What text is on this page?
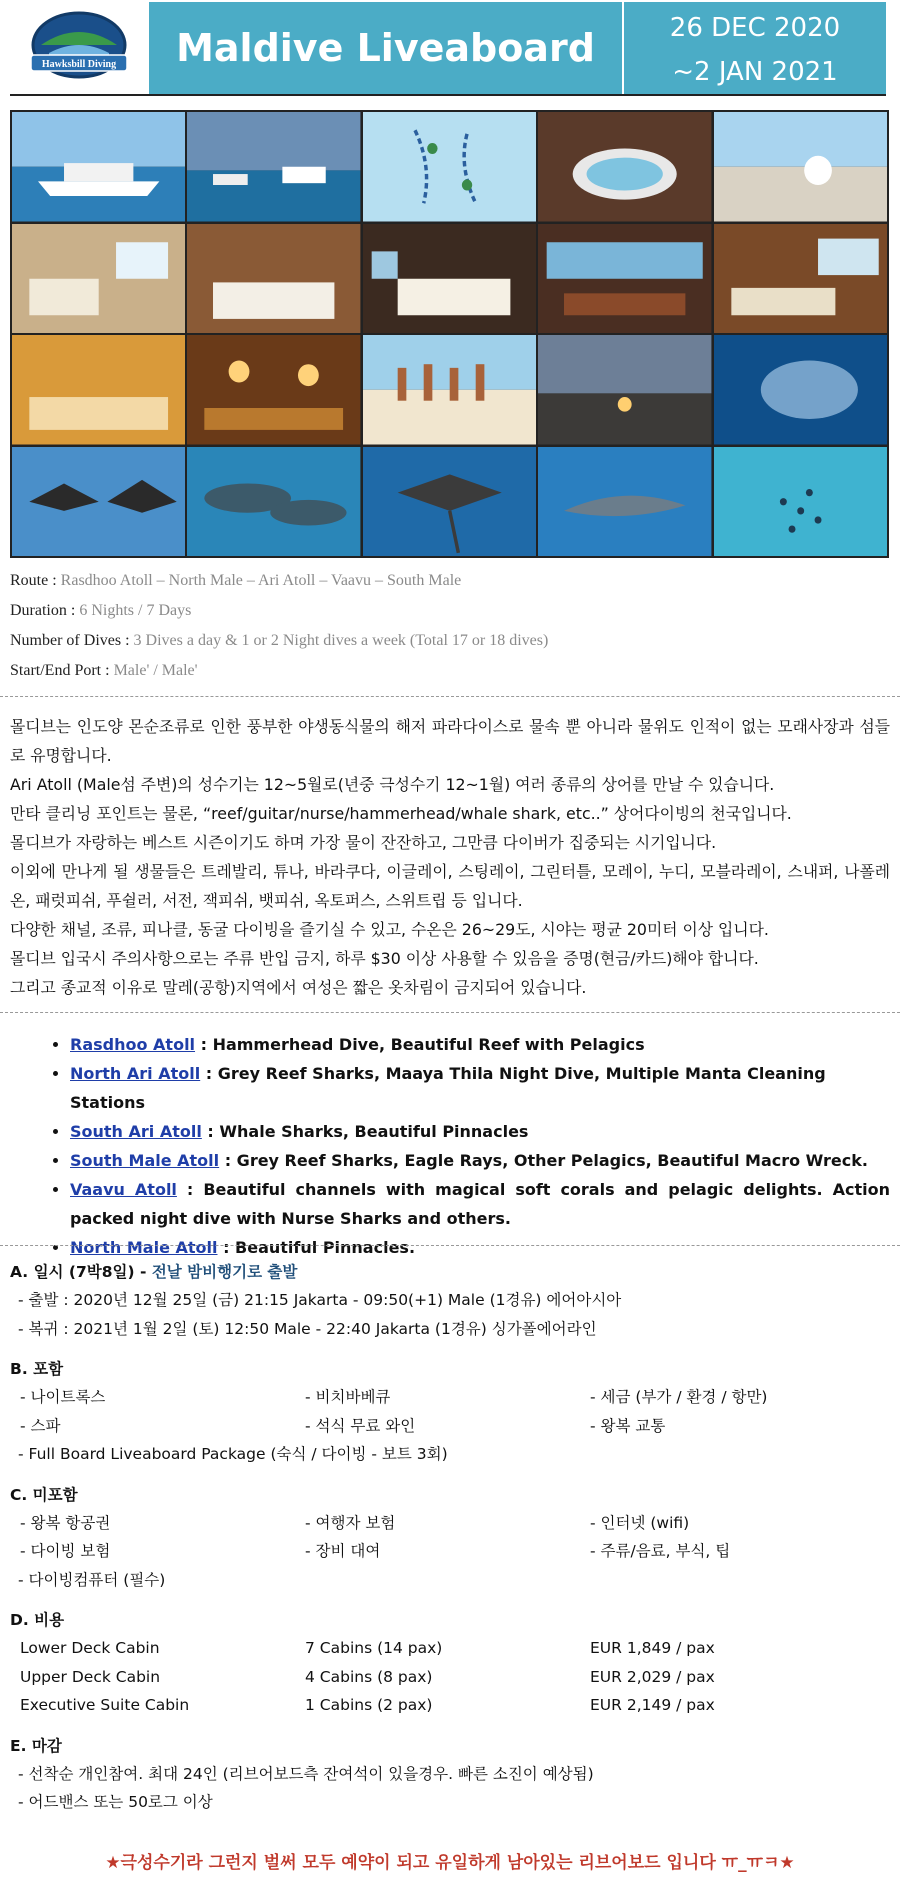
Hawksbill Diving	Maldive Liveaboard	26 DEC 2020
~2 JAN 2021
Route : Rasdhoo Atoll – North Male – Ari Atoll – Vaavu – South Male
Duration : 6 Nights / 7 Days
Number of Dives : 3 Dives a day & 1 or 2 Night dives a week (Total 17 or 18 dives)
Start/End Port : Male' / Male'

몰디브는 인도양 몬순조류로 인한 풍부한 야생동식물의 해저 파라다이스로 물속 뿐 아니라 물위도 인적이 없는 모래사장과 섬들로 유명합니다.

Ari Atoll (Male섬 주변)의 성수기는 12~5월로(년중 극성수기 12~1월) 여러 종류의 상어를 만날 수 있습니다.

만타 클리닝 포인트는 물론, “reef/guitar/nurse/hammerhead/whale shark, etc..” 상어다이빙의 천국입니다.

몰디브가 자랑하는 베스트 시즌이기도 하며 가장 물이 잔잔하고, 그만큼 다이버가 집중되는 시기입니다.

이외에 만나게 될 생물들은 트레발리, 튜나, 바라쿠다, 이글레이, 스팅레이, 그린터틀, 모레이, 누디, 모블라레이, 스내퍼, 나폴레온, 패럿피쉬, 푸쉴러, 서전, 잭피쉬, 뱃피쉬, 옥토퍼스, 스위트립 등 입니다.

다양한 채널, 조류, 피나클, 동굴 다이빙을 즐기실 수 있고, 수온은 26~29도, 시야는 평균 20미터 이상 입니다.

몰디브 입국시 주의사항으로는 주류 반입 금지, 하루 $30 이상 사용할 수 있음을 증명(현금/카드)해야 합니다.

그리고 종교적 이유로 말레(공항)지역에서 여성은 짧은 옷차림이 금지되어 있습니다.

• Rasdhoo Atoll : Hammerhead Dive, Beautiful Reef with Pelagics
• North Ari Atoll : Grey Reef Sharks, Maaya Thila Night Dive, Multiple Manta Cleaning Stations
• South Ari Atoll : Whale Sharks, Beautiful Pinnacles
• South Male Atoll : Grey Reef Sharks, Eagle Rays, Other Pelagics, Beautiful Macro Wreck.
• Vaavu Atoll : Beautiful channels with magical soft corals and pelagic delights. Action packed night dive with Nurse Sharks and others.
• North Male Atoll : Beautiful Pinnacles.
A. 일시 (7박8일) - 전날 밤비행기로 출발
- 출발 : 2020년 12월 25일 (금) 21:15 Jakarta - 09:50(+1) Male (1경유) 에어아시아
- 복귀 : 2021년 1월 2일 (토) 12:50 Male - 22:40 Jakarta (1경유) 싱가폴에어라인
B. 포함
- 나이트록스	- 비치바베큐	- 세금 (부가 / 환경 / 항만)
- 스파	- 석식 무료 와인	- 왕복 교통
- Full Board Liveaboard Package (숙식 / 다이빙 - 보트 3회)
C. 미포함
- 왕복 항공권	- 여행자 보험	- 인터넷 (wifi)
- 다이빙 보험	- 장비 대여	- 주류/음료, 부식, 팁
- 다이빙컴퓨터 (필수)
D. 비용
Lower Deck Cabin	7 Cabins (14 pax)	EUR 1,849 / pax
Upper Deck Cabin	4 Cabins (8 pax)	EUR 2,029 / pax
Executive Suite Cabin	1 Cabins (2 pax)	EUR 2,149 / pax
E. 마감
- 선착순 개인참여. 최대 24인 (리브어보드측 잔여석이 있을경우. 빠른 소진이 예상됨)
- 어드밴스 또는 50로그 이상
★극성수기라 그런지 벌써 모두 예약이 되고 유일하게 남아있는 리브어보드 입니다 ㅠ_ㅠㅋ★
